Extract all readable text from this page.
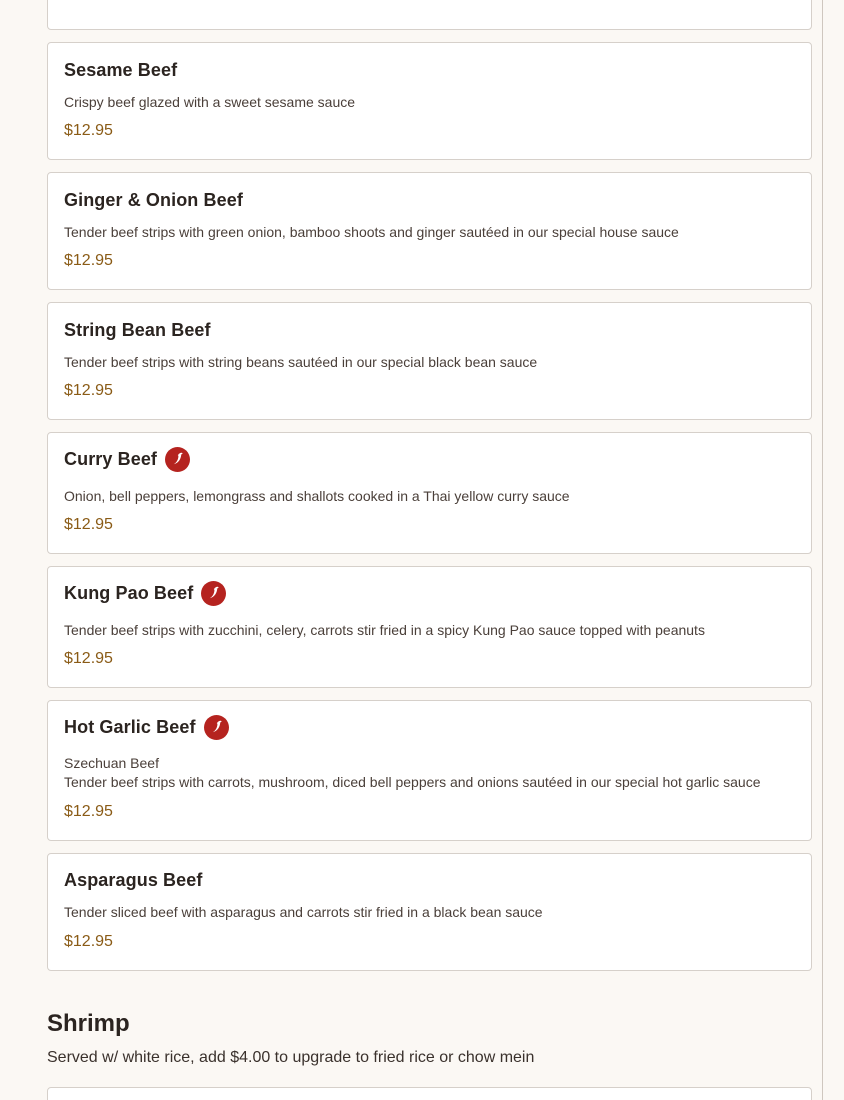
Sesame Beef
Crispy beef glazed with a sweet sesame sauce
$12.95
Ginger & Onion Beef
Tender beef strips with green onion, bamboo shoots and ginger sautéed in our special house sauce
$12.95
String Bean Beef
Tender beef strips with string beans sautéed in our special black bean sauce
$12.95
Curry Beef
Onion, bell peppers, lemongrass and shallots cooked in a Thai yellow curry sauce
$12.95
Kung Pao Beef
Tender beef strips with zucchini, celery, carrots stir fried in a spicy Kung Pao sauce topped with peanuts
$12.95
Hot Garlic Beef
Szechuan Beef
Tender beef strips with carrots, mushroom, diced bell peppers and onions sautéed in our special hot garlic sauce
$12.95
Asparagus Beef
Tender sliced beef with asparagus and carrots stir fried in a black bean sauce
$12.95
Shrimp
Served w/ white rice, add $4.00 to upgrade to fried rice or chow mein
